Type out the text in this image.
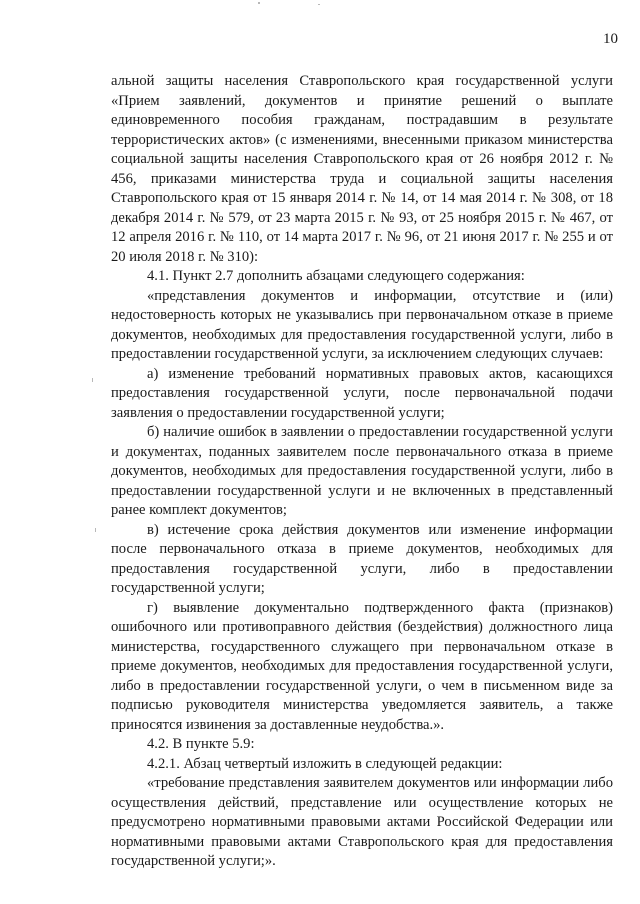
10

альной защиты населения Ставропольского края государственной услуги «Прием заявлений, документов и принятие решений о выплате единовременного пособия гражданам, пострадавшим в результате террористических актов» (с изменениями, внесенными приказом министерства социальной защиты населения Ставропольского края от 26 ноября 2012 г. № 456, приказами министерства труда и социальной защиты населения Ставропольского края от 15 января 2014 г. № 14, от 14 мая 2014 г. № 308, от 18 декабря 2014 г. № 579, от 23 марта 2015 г. № 93, от 25 ноября 2015 г. № 467, от 12 апреля 2016 г. № 110, от 14 марта 2017 г. № 96, от 21 июня 2017 г. № 255 и от 20 июля 2018 г. № 310):

4.1. Пункт 2.7 дополнить абзацами следующего содержания:

«представления документов и информации, отсутствие и (или) недостоверность которых не указывались при первоначальном отказе в приеме документов, необходимых для предоставления государственной услуги, либо в предоставлении государственной услуги, за исключением следующих случаев:

а) изменение требований нормативных правовых актов, касающихся предоставления государственной услуги, после первоначальной подачи заявления о предоставлении государственной услуги;

б) наличие ошибок в заявлении о предоставлении государственной услуги и документах, поданных заявителем после первоначального отказа в приеме документов, необходимых для предоставления государственной услуги, либо в предоставлении государственной услуги и не включенных в представленный ранее комплект документов;

в) истечение срока действия документов или изменение информации после первоначального отказа в приеме документов, необходимых для предоставления государственной услуги, либо в предоставлении государственной услуги;

г) выявление документально подтвержденного факта (признаков) ошибочного или противоправного действия (бездействия) должностного лица министерства, государственного служащего при первоначальном отказе в приеме документов, необходимых для предоставления государственной услуги, либо в предоставлении государственной услуги, о чем в письменном виде за подписью руководителя министерства уведомляется заявитель, а также приносятся извинения за доставленные неудобства.».

4.2. В пункте 5.9:

4.2.1. Абзац четвертый изложить в следующей редакции:

«требование представления заявителем документов или информации либо осуществления действий, представление или осуществление которых не предусмотрено нормативными правовыми актами Российской Федерации или нормативными правовыми актами Ставропольского края для предоставления государственной услуги;».
